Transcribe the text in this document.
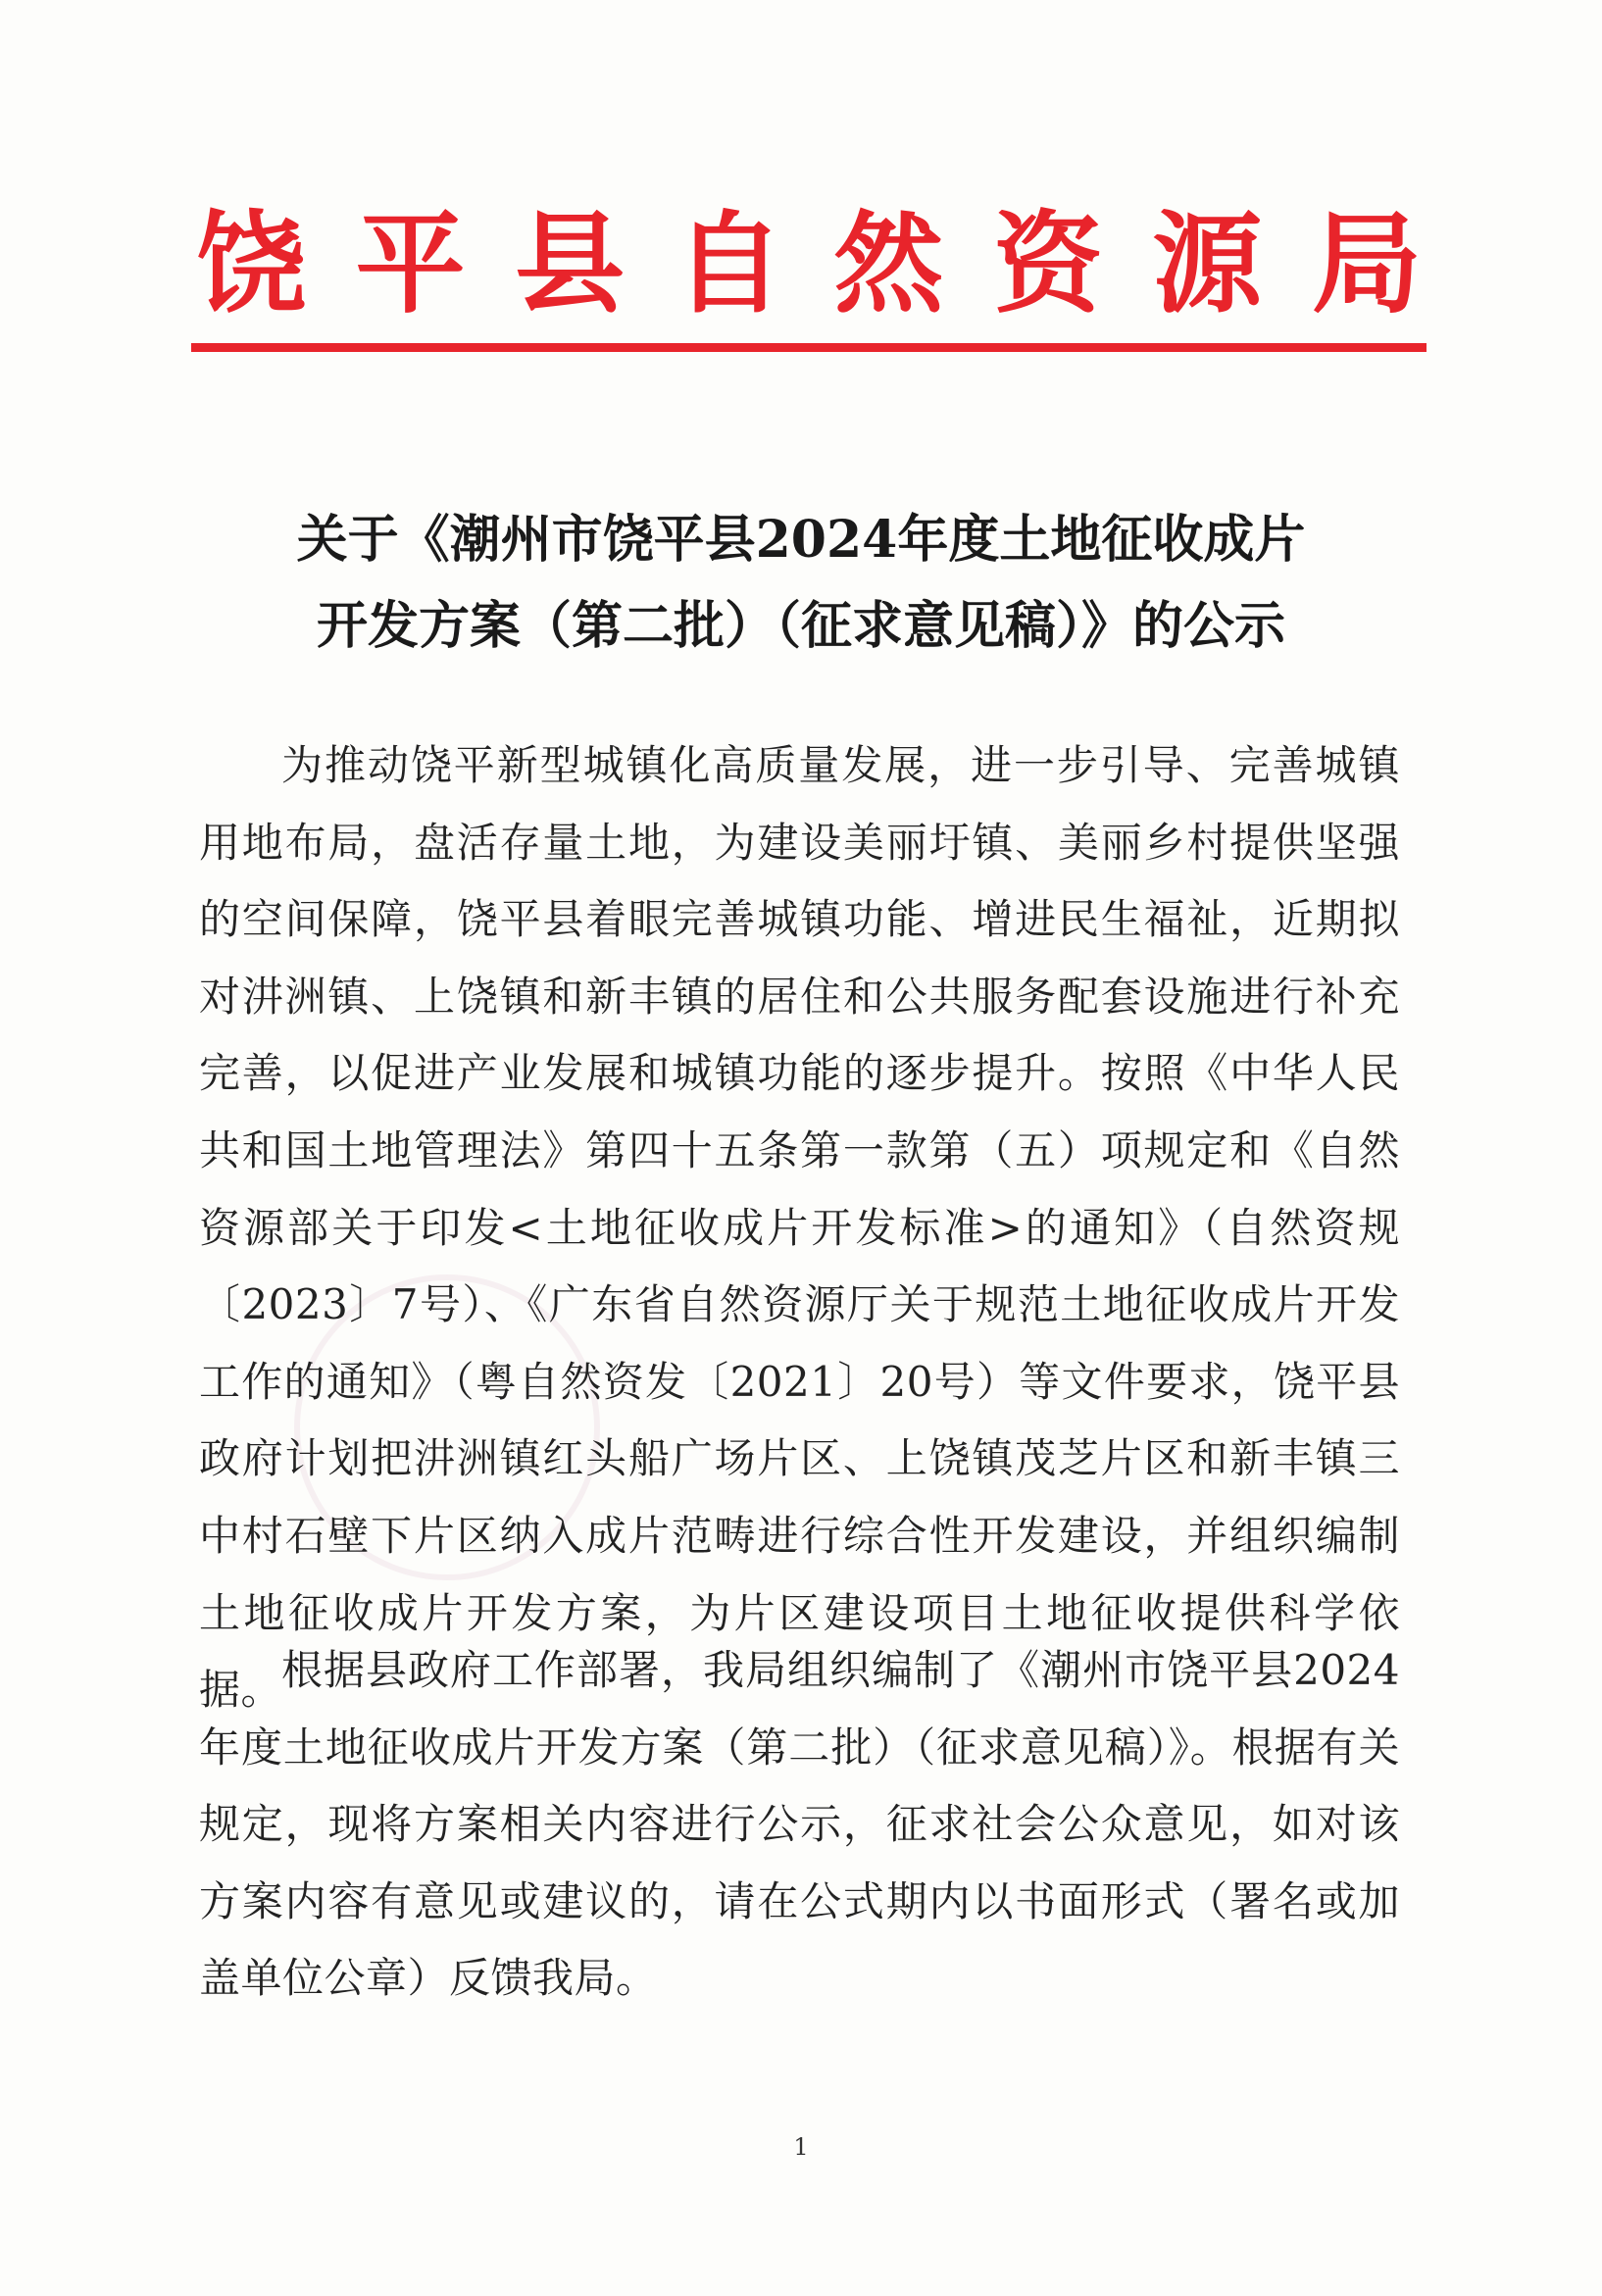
饶 平 县 自 然 资 源 局
关于《潮州市饶平县2024年度土地征收成片
开发方案（第二批）（征求意见稿）》的公示

为推动饶平新型城镇化高质量发展，进一步引导、完善城镇用地布局，盘活存量土地，为建设美丽圩镇、美丽乡村提供坚强的空间保障，饶平县着眼完善城镇功能、增进民生福祉，近期拟对汫洲镇、上饶镇和新丰镇的居住和公共服务配套设施进行补充完善，以促进产业发展和城镇功能的逐步提升。按照《中华人民共和国土地管理法》第四十五条第一款第（五）项规定和《自然资源部关于印发<土地征收成片开发标准>的通知》（自然资规〔2023〕7号）、《广东省自然资源厅关于规范土地征收成片开发工作的通知》（粤自然资发〔2021〕20号）等文件要求，饶平县政府计划把汫洲镇红头船广场片区、上饶镇茂芝片区和新丰镇三中村石壁下片区纳入成片范畴进行综合性开发建设，并组织编制土地征收成片开发方案，为片区建设项目土地征收提供科学依据。

根据县政府工作部署，我局组织编制了《潮州市饶平县2024年度土地征收成片开发方案（第二批）（征求意见稿）》。根据有关规定，现将方案相关内容进行公示，征求社会公众意见，如对该方案内容有意见或建议的，请在公式期内以书面形式（署名或加盖单位公章）反馈我局。

1
